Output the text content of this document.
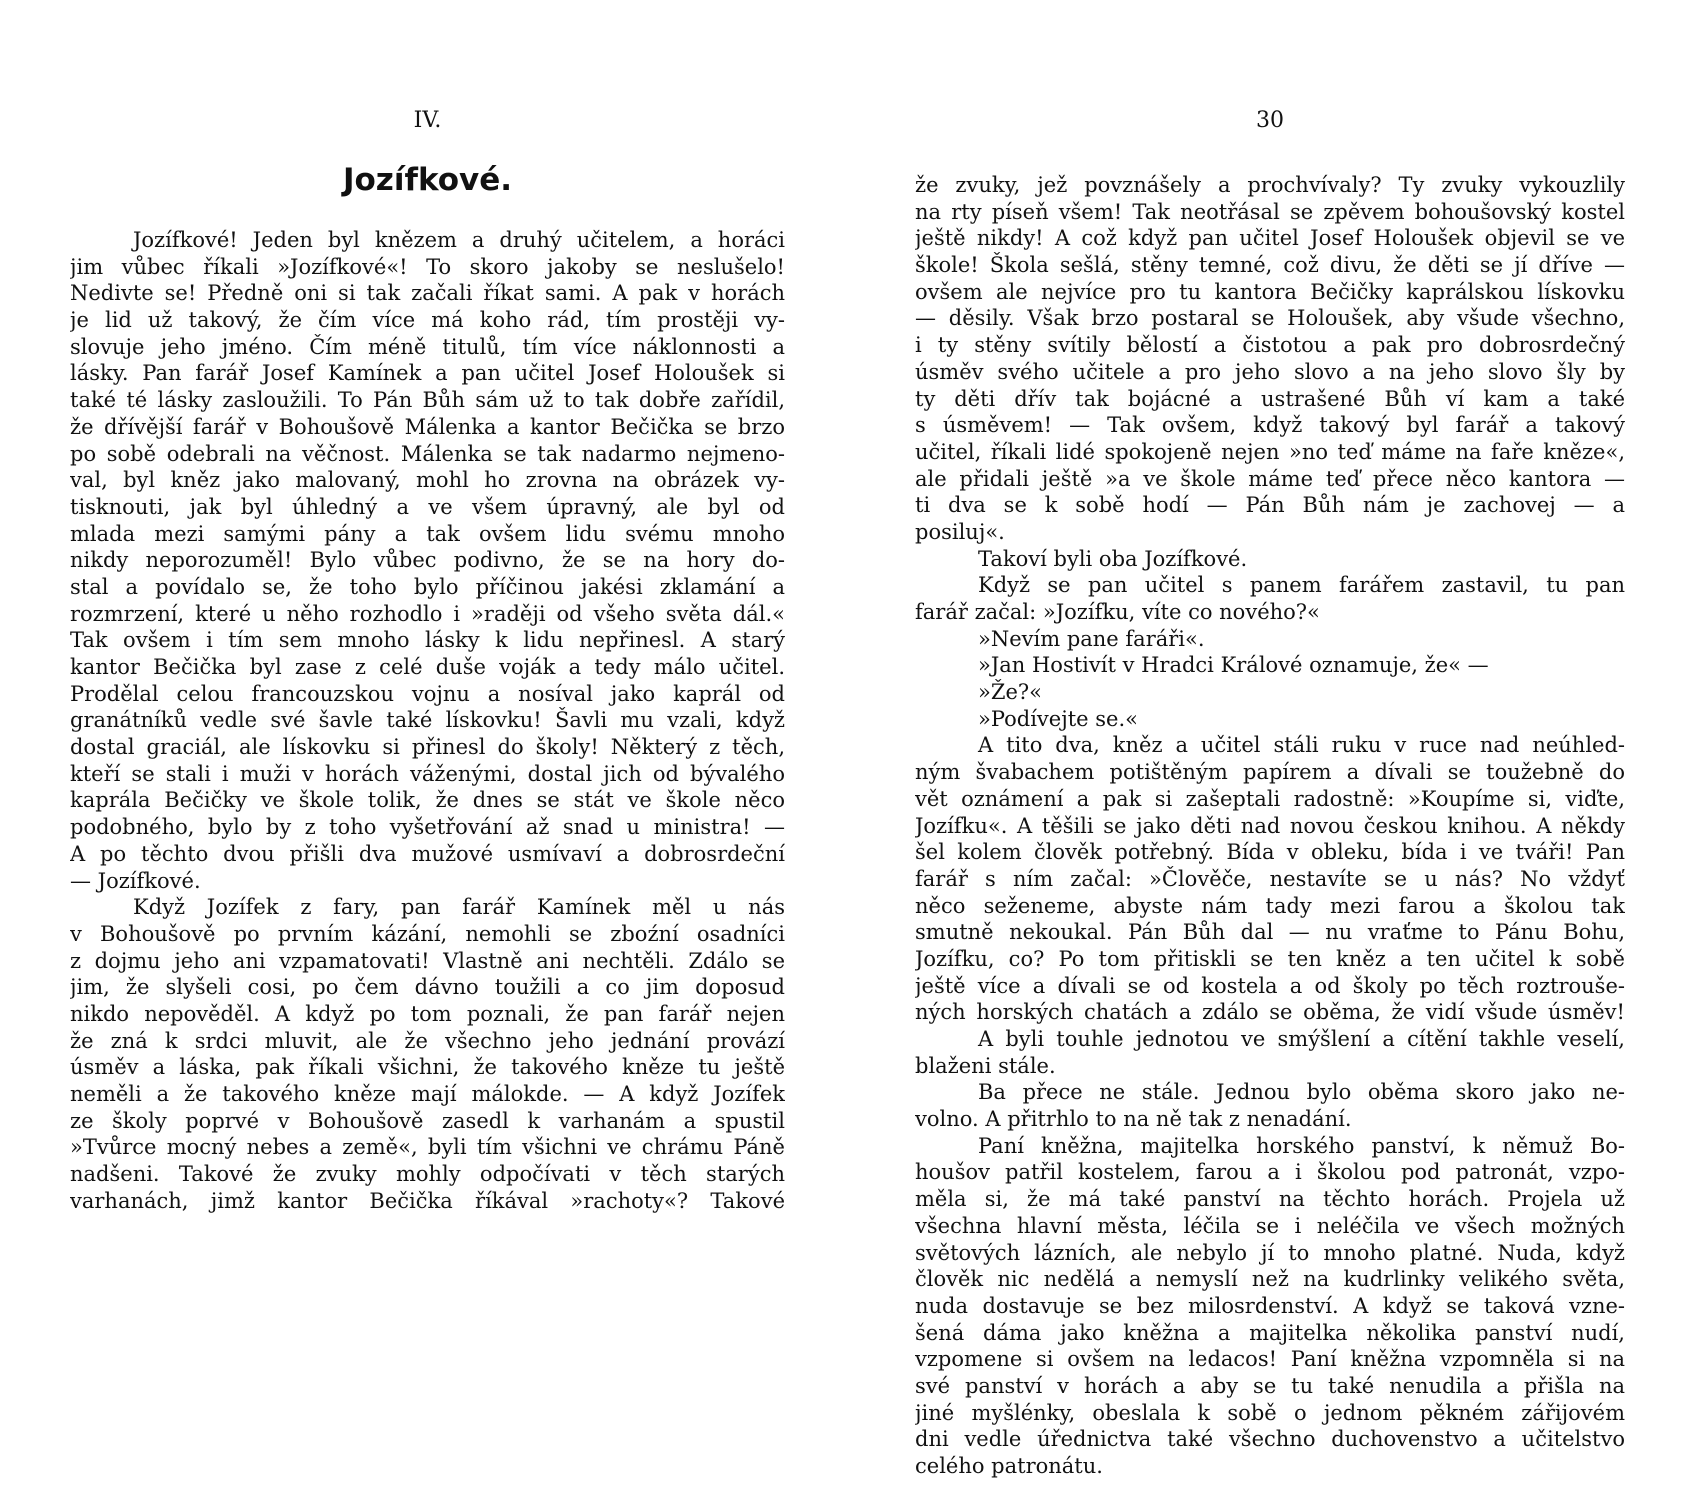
IV.
Jozífkové.
Jozífkové! Jeden byl knězem a druhý učitelem, a horáci
jim vůbec říkali »Jozífkové«! To skoro jakoby se neslušelo!
Nedivte se! Předně oni si tak začali říkat sami. A pak v horách
je lid už takový, že čím více má koho rád, tím prostěji vy-
slovuje jeho jméno. Čím méně titulů, tím více náklonnosti a
lásky. Pan farář Josef Kamínek a pan učitel Josef Holoušek si
také té lásky zasloužili. To Pán Bůh sám už to tak dobře zařídil,
že dřívější farář v Bohoušově Málenka a kantor Bečička se brzo
po sobě odebrali na věčnost. Málenka se tak nadarmo nejmeno-
val, byl kněz jako malovaný, mohl ho zrovna na obrázek vy-
tisknouti, jak byl úhledný a ve všem úpravný, ale byl od
mlada mezi samými pány a tak ovšem lidu svému mnoho
nikdy neporozuměl! Bylo vůbec podivno, že se na hory do-
stal a povídalo se, že toho bylo příčinou jakési zklamání a
rozmrzení, které u něho rozhodlo i »raději od všeho světa dál.«
Tak ovšem i tím sem mnoho lásky k lidu nepřinesl. A starý
kantor Bečička byl zase z celé duše voják a tedy málo učitel.
Prodělal celou francouzskou vojnu a nosíval jako kaprál od
granátníků vedle své šavle také lískovku! Šavli mu vzali, když
dostal graciál, ale lískovku si přinesl do školy! Některý z těch,
kteří se stali i muži v horách váženými, dostal jich od bývalého
kaprála Bečičky ve škole tolik, že dnes se stát ve škole něco
podobného, bylo by z toho vyšetřování až snad u ministra! —
A po těchto dvou přišli dva mužové usmívaví a dobrosrdeční
— Jozífkové.
Když Jozífek z fary, pan farář Kamínek měl u nás
v Bohoušově po prvním kázání, nemohli se zboźní osadníci
z dojmu jeho ani vzpamatovati! Vlastně ani nechtěli. Zdálo se
jim, že slyšeli cosi, po čem dávno toužili a co jim doposud
nikdo nepověděl. A když po tom poznali, že pan farář nejen
že zná k srdci mluvit, ale že všechno jeho jednání provází
úsměv a láska, pak říkali všichni, že takového kněze tu ještě
neměli a že takového kněze mají málokde. — A když Jozífek
ze školy poprvé v Bohoušově zasedl k varhanám a spustil
»Tvůrce mocný nebes a země«, byli tím všichni ve chrámu Páně
nadšeni. Takové že zvuky mohly odpočívati v těch starých
varhanách, jimž kantor Bečička říkával »rachoty«? Takové
30
že zvuky, jež povznášely a prochvívaly? Ty zvuky vykouzlily
na rty píseň všem! Tak neotřásal se zpěvem bohoušovský kostel
ještě nikdy! A což když pan učitel Josef Holoušek objevil se ve
škole! Škola sešlá, stěny temné, což divu, že děti se jí dříve —
ovšem ale nejvíce pro tu kantora Bečičky kaprálskou lískovku
— děsily. Však brzo postaral se Holoušek, aby všude všechno,
i ty stěny svítily bělostí a čistotou a pak pro dobrosrdečný
úsměv svého učitele a pro jeho slovo a na jeho slovo šly by
ty děti dřív tak bojácné a ustrašené Bůh ví kam a také
s úsměvem! — Tak ovšem, když takový byl farář a takový
učitel, říkali lidé spokojeně nejen »no teď máme na faře kněze«,
ale přidali ještě »a ve škole máme teď přece něco kantora —
ti dva se k sobě hodí — Pán Bůh nám je zachovej — a
posiluj«.
Takoví byli oba Jozífkové.
Když se pan učitel s panem farářem zastavil, tu pan
farář začal: »Jozífku, víte co nového?«
»Nevím pane faráři«.
»Jan Hostivít v Hradci Králové oznamuje, že« —
»Že?«
»Podívejte se.«
A tito dva, kněz a učitel stáli ruku v ruce nad neúhled-
ným švabachem potištěným papírem a dívali se toužebně do
vět oznámení a pak si zašeptali radostně: »Koupíme si, viďte,
Jozífku«. A těšili se jako děti nad novou českou knihou. A někdy
šel kolem člověk potřebný. Bída v obleku, bída i ve tváři! Pan
farář s ním začal: »Člověče, nestavíte se u nás? No vždyť
něco seženeme, abyste nám tady mezi farou a školou tak
smutně nekoukal. Pán Bůh dal — nu vraťme to Pánu Bohu,
Jozífku, co? Po tom přitiskli se ten kněz a ten učitel k sobě
ještě více a dívali se od kostela a od školy po těch roztrouše-
ných horských chatách a zdálo se oběma, že vidí všude úsměv!
A byli touhle jednotou ve smýšlení a cítění takhle veselí,
blaženi stále.
Ba přece ne stále. Jednou bylo oběma skoro jako ne-
volno. A přitrhlo to na ně tak z nenadání.
Paní kněžna, majitelka horského panství, k němuž Bo-
houšov patřil kostelem, farou a i školou pod patronát, vzpo-
měla si, že má také panství na těchto horách. Projela už
všechna hlavní města, léčila se i neléčila ve všech možných
světových lázních, ale nebylo jí to mnoho platné. Nuda, když
člověk nic nedělá a nemyslí než na kudrlinky velikého světa,
nuda dostavuje se bez milosrdenství. A když se taková vzne-
šená dáma jako kněžna a majitelka několika panství nudí,
vzpomene si ovšem na ledacos! Paní kněžna vzpomněla si na
své panství v horách a aby se tu také nenudila a přišla na
jiné myšlénky, obeslala k sobě o jednom pěkném zářijovém
dni vedle úřednictva také všechno duchovenstvo a učitelstvo
celého patronátu.
